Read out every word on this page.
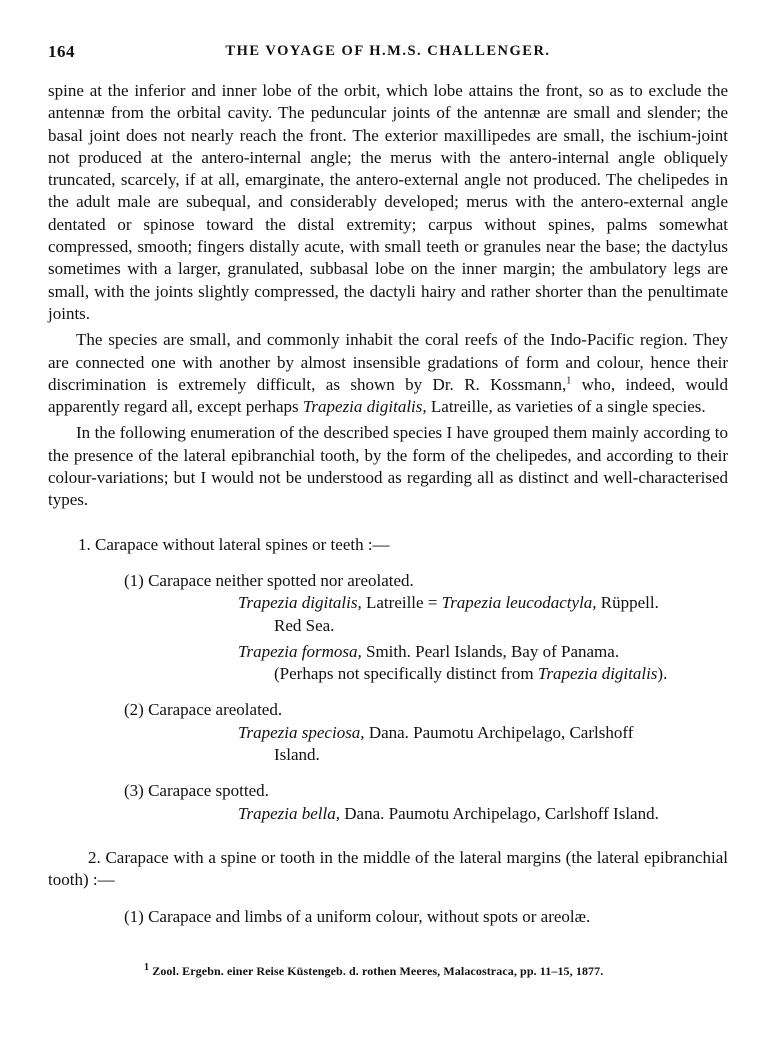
164	THE VOYAGE OF H.M.S. CHALLENGER.

spine at the inferior and inner lobe of the orbit, which lobe attains the front, so as to exclude the antennæ from the orbital cavity. The peduncular joints of the antennæ are small and slender; the basal joint does not nearly reach the front. The exterior maxillipedes are small, the ischium-joint not produced at the antero-internal angle; the merus with the antero-internal angle obliquely truncated, scarcely, if at all, emarginate, the antero-external angle not produced. The chelipedes in the adult male are subequal, and considerably developed; merus with the antero-external angle dentated or spinose toward the distal extremity; carpus without spines, palms somewhat compressed, smooth; fingers distally acute, with small teeth or granules near the base; the dactylus sometimes with a larger, granulated, subbasal lobe on the inner margin; the ambulatory legs are small, with the joints slightly compressed, the dactyli hairy and rather shorter than the penultimate joints.

The species are small, and commonly inhabit the coral reefs of the Indo-Pacific region. They are connected one with another by almost insensible gradations of form and colour, hence their discrimination is extremely difficult, as shown by Dr. R. Kossmann,$^1$ who, indeed, would apparently regard all, except perhaps Trapezia digitalis, Latreille, as varieties of a single species.

In the following enumeration of the described species I have grouped them mainly according to the presence of the lateral epibranchial tooth, by the form of the chelipedes, and according to their colour-variations; but I would not be understood as regarding all as distinct and well-characterised types.

1. Carapace without lateral spines or teeth :—

(1) Carapace neither spotted nor areolated.

Trapezia digitalis, Latreille = Trapezia leucodactyla, Rüppell.
Red Sea.

Trapezia formosa, Smith. Pearl Islands, Bay of Panama.
(Perhaps not specifically distinct from Trapezia digitalis).

(2) Carapace areolated.

Trapezia speciosa, Dana. Paumotu Archipelago, Carlshoff
Island.

(3) Carapace spotted.

Trapezia bella, Dana. Paumotu Archipelago, Carlshoff Island.

2. Carapace with a spine or tooth in the middle of the lateral margins (the lateral epibranchial tooth) :—

(1) Carapace and limbs of a uniform colour, without spots or areolæ.

$^1$ Zool. Ergebn. einer Reise Küstengeb. d. rothen Meeres, Malacostraca, pp. 11–15, 1877.
